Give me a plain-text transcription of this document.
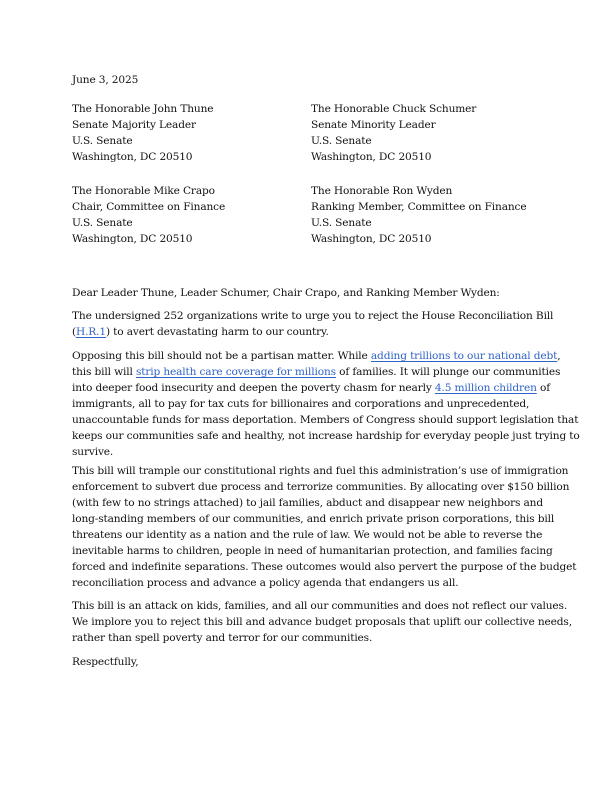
June 3, 2025
The Honorable John Thune
Senate Majority Leader
U.S. Senate
Washington, DC 20510
The Honorable Chuck Schumer
Senate Minority Leader
U.S. Senate
Washington, DC 20510
The Honorable Mike Crapo
Chair, Committee on Finance
U.S. Senate
Washington, DC 20510
The Honorable Ron Wyden
Ranking Member, Committee on Finance
U.S. Senate
Washington, DC 20510
Dear Leader Thune, Leader Schumer, Chair Crapo, and Ranking Member Wyden:

The undersigned 252 organizations write to urge you to reject the House Reconciliation Bill
(H.R.1) to avert devastating harm to our country.

Opposing this bill should not be a partisan matter. While adding trillions to our national debt,
this bill will strip health care coverage for millions of families. It will plunge our communities
into deeper food insecurity and deepen the poverty chasm for nearly 4.5 million children of
immigrants, all to pay for tax cuts for billionaires and corporations and unprecedented,
unaccountable funds for mass deportation. Members of Congress should support legislation that
keeps our communities safe and healthy, not increase hardship for everyday people just trying to
survive.

This bill will trample our constitutional rights and fuel this administration’s use of immigration
enforcement to subvert due process and terrorize communities. By allocating over $150 billion
(with few to no strings attached) to jail families, abduct and disappear new neighbors and
long-standing members of our communities, and enrich private prison corporations, this bill
threatens our identity as a nation and the rule of law. We would not be able to reverse the
inevitable harms to children, people in need of humanitarian protection, and families facing
forced and indefinite separations. These outcomes would also pervert the purpose of the budget
reconciliation process and advance a policy agenda that endangers us all.

This bill is an attack on kids, families, and all our communities and does not reflect our values.
We implore you to reject this bill and advance budget proposals that uplift our collective needs,
rather than spell poverty and terror for our communities.

Respectfully,
